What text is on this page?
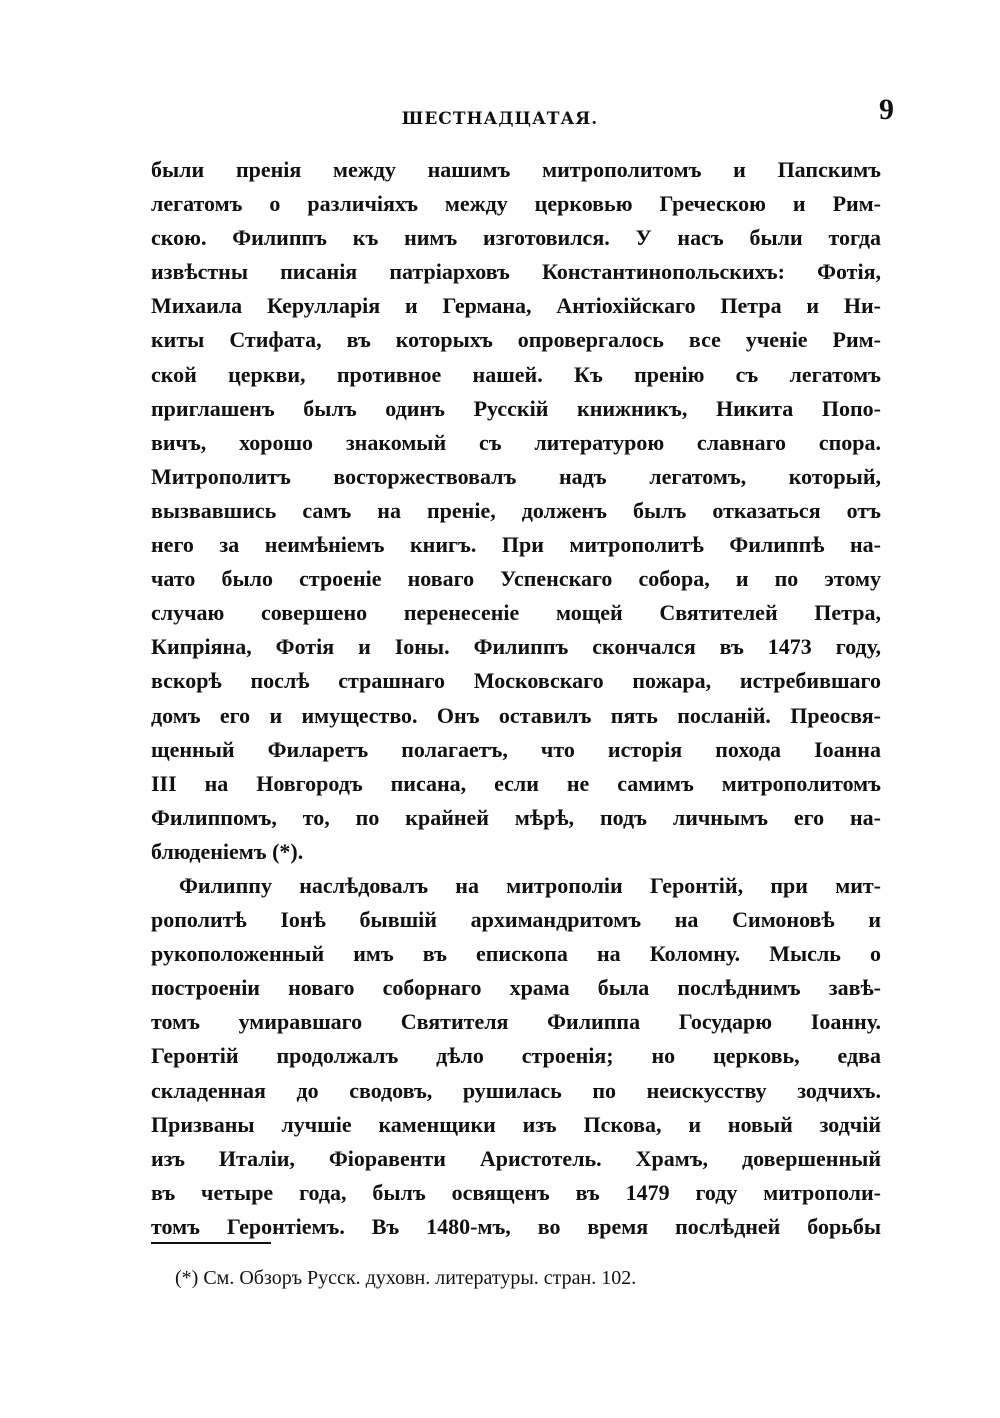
ШЕСТНАДЦАТАЯ.	9
были пренія между нашимъ митрополитомъ и Папскимъ
легатомъ о различіяхъ между церковью Греческою и Рим-
скою. Филиппъ къ нимъ изготовился. У насъ были тогда
извѣстны писанія патріарховъ Константинопольскихъ: Фотія,
Михаила Керулларія и Германа, Антіохійскаго Петра и Ни-
киты Стифата, въ которыхъ опровергалось все ученіе Рим-
ской церкви, противное нашей. Къ пренію съ легатомъ
приглашенъ былъ одинъ Русскій книжникъ, Никита Попо-
вичъ, хорошо знакомый съ литературою славнаго спора.
Митрополитъ восторжествовалъ надъ легатомъ, который,
вызвавшись самъ на преніе, долженъ былъ отказаться отъ
него за неимѣніемъ книгъ. При митрополитѣ Филиппѣ на-
чато было строеніе новаго Успенскаго собора, и по этому
случаю совершено перенесеніе мощей Святителей Петра,
Кипріяна, Фотія и Іоны. Филиппъ скончался въ 1473 году,
вскорѣ послѣ страшнаго Московскаго пожара, истребившаго
домъ его и имущество. Онъ оставилъ пять посланій. Преосвя-
щенный Филаретъ полагаетъ, что исторія похода Іоанна
III на Новгородъ писана, если не самимъ митрополитомъ
Филиппомъ, то, по крайней мѣрѣ, подъ личнымъ его на-
блюденіемъ (*).
Филиппу наслѣдовалъ на митрополіи Геронтій, при мит-
рополитѣ Іонѣ бывшій архимандритомъ на Симоновѣ и
рукоположенный имъ въ епископа на Коломну. Мысль о
построеніи новаго соборнаго храма была послѣднимъ завѣ-
томъ умиравшаго Святителя Филиппа Государю Іоанну.
Геронтій продолжалъ дѣло строенія; но церковь, едва
складенная до сводовъ, рушилась по неискусству зодчихъ.
Призваны лучшіе каменщики изъ Пскова, и новый зодчій
изъ Италіи, Фіоравенти Аристотель. Храмъ, довершенный
въ четыре года, былъ освященъ въ 1479 году митрополи-
томъ Геронтіемъ. Въ 1480-мъ, во время послѣдней борьбы
(*) См. Обзоръ Русск. духовн. литературы. стран. 102.
